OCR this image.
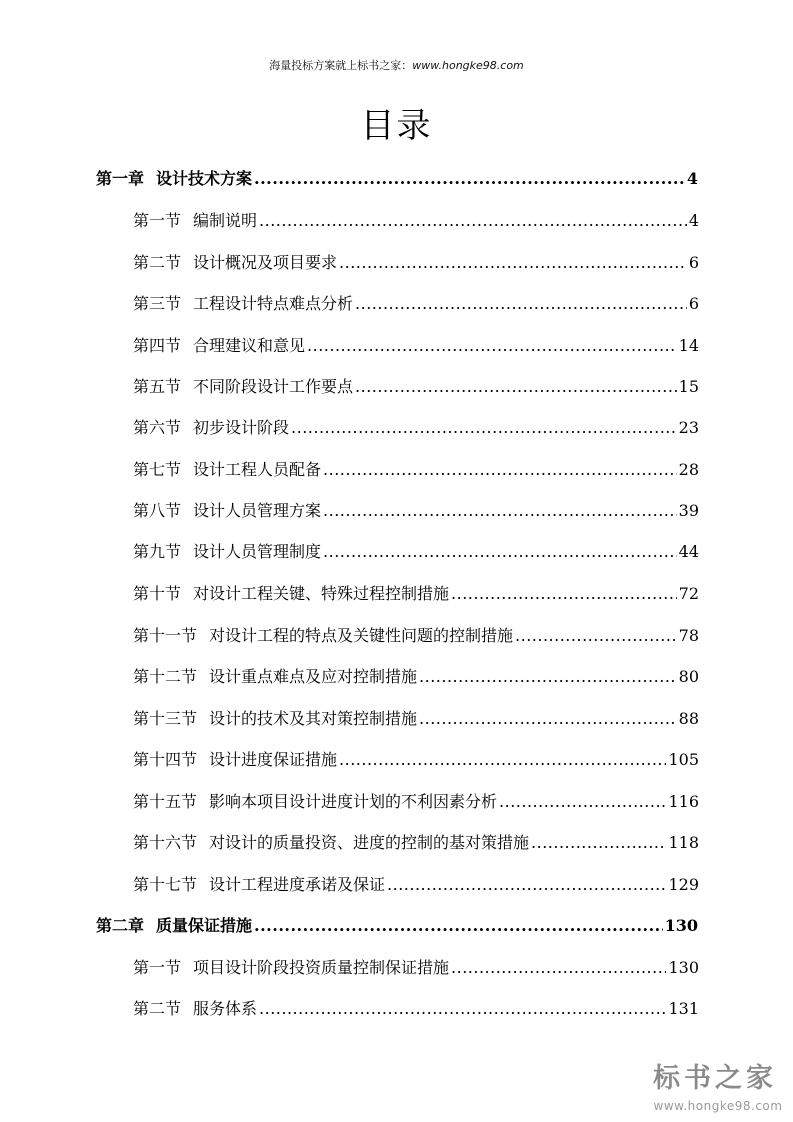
海量投标方案就上标书之家：www.hongke98.com
目录
第一章 设计技术方案 .....	4
第一节 编制说明 .....	4
第二节 设计概况及项目要求 .....	6
第三节 工程设计特点难点分析 .....	6
第四节 合理建议和意见 .....	14
第五节 不同阶段设计工作要点 .....	15
第六节 初步设计阶段 .....	23
第七节 设计工程人员配备 .....	28
第八节 设计人员管理方案 .....	39
第九节 设计人员管理制度 .....	44
第十节 对设计工程关键、特殊过程控制措施 .....	72
第十一节 对设计工程的特点及关键性问题的控制措施 .....	78
第十二节 设计重点难点及应对控制措施 .....	80
第十三节 设计的技术及其对策控制措施 .....	88
第十四节 设计进度保证措施 .....	105
第十五节 影响本项目设计进度计划的不利因素分析 .....	116
第十六节 对设计的质量投资、进度的控制的基对策措施 .....	118
第十七节 设计工程进度承诺及保证 .....	129
第二章 质量保证措施 .....	130
第一节 项目设计阶段投资质量控制保证措施 .....	130
第二节 服务体系 .....	131
标书之家
www.hongke98.com
